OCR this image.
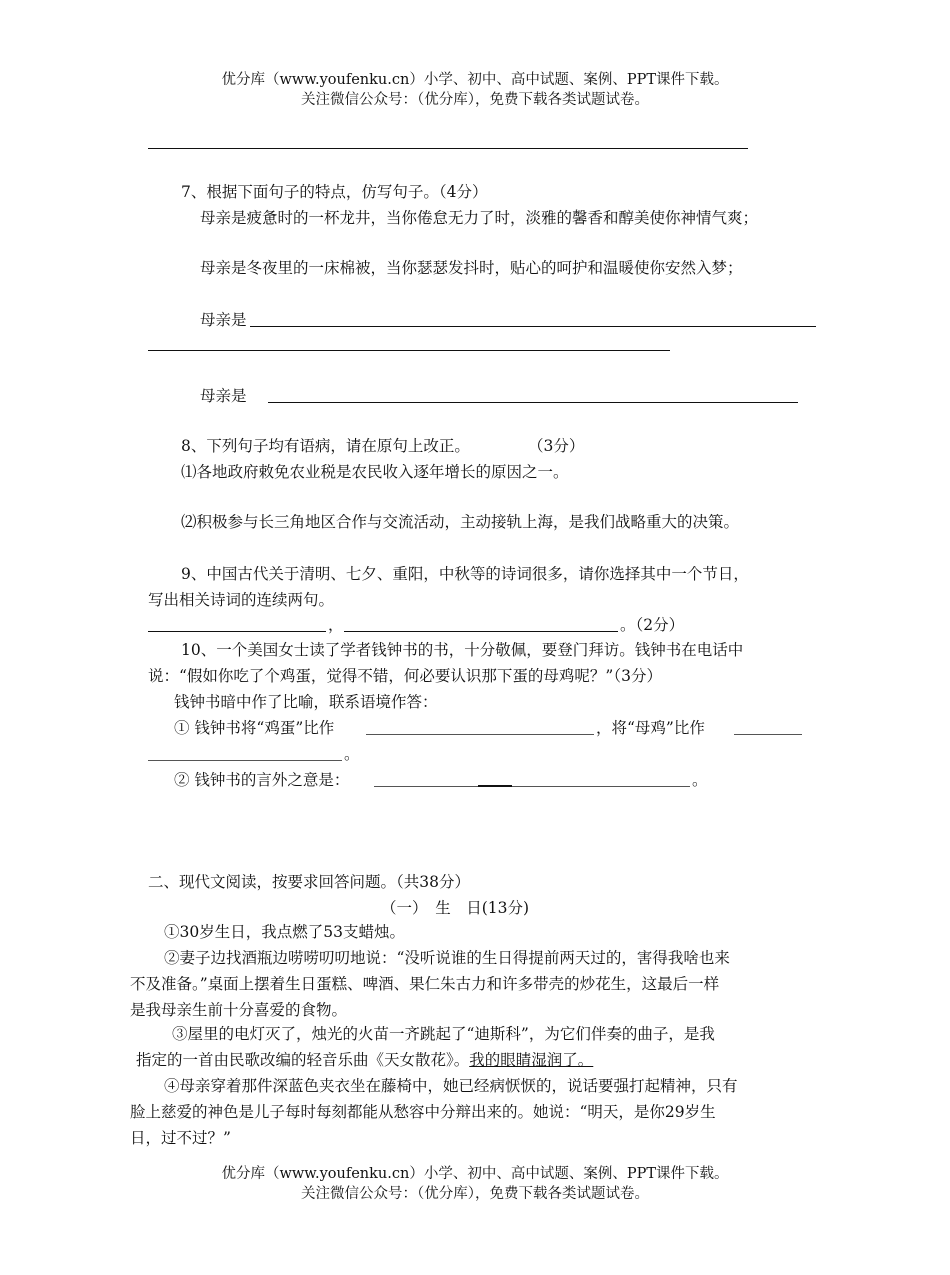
优分库（www.youfenku.cn）小学、初中、高中试题、案例、PPT课件下载。
关注微信公众号：（优分库），免费下载各类试题试卷。
7、根据下面句子的特点，仿写句子。（4分）
母亲是疲惫时的一杯龙井，当你倦怠无力了时，淡雅的馨香和醇美使你神情气爽；
母亲是冬夜里的一床棉被，当你瑟瑟发抖时，贴心的呵护和温暖使你安然入梦；
母亲是
母亲是
8、下列句子均有语病，请在原句上改正。	（3分）
⑴各地政府敕免农业税是农民收入逐年增长的原因之一。
⑵积极参与长三角地区合作与交流活动，主动接轨上海，是我们战略重大的决策。
9、中国古代关于清明、七夕、重阳，中秋等的诗词很多，请你选择其中一个节日，
写出相关诗词的连续两句。
，	。（2分）
10、一个美国女士读了学者钱钟书的书，十分敬佩，要登门拜访。钱钟书在电话中
说：“假如你吃了个鸡蛋，觉得不错，何必要认识那下蛋的母鸡呢？”（3分）
钱钟书暗中作了比喻，联系语境作答：
① 钱钟书将“鸡蛋”比作	，将“母鸡”比作
。
② 钱钟书的言外之意是：	。
二、现代文阅读，按要求回答问题。（共38分）
（一）　生　日(13分)
①30岁生日，我点燃了53支蜡烛。
②妻子边找酒瓶边唠唠叨叨地说：“没听说谁的生日得提前两天过的，害得我啥也来
不及准备。”桌面上摆着生日蛋糕、啤酒、果仁朱古力和许多带壳的炒花生，这最后一样
是我母亲生前十分喜爱的食物。
③屋里的电灯灭了，烛光的火苗一齐跳起了“迪斯科”，为它们伴奏的曲子，是我
指定的一首由民歌改编的轻音乐曲《天女散花》。我的眼睛湿润了。
④母亲穿着那件深蓝色夹衣坐在藤椅中，她已经病恹恹的，说话要强打起精神，只有
脸上慈爱的神色是儿子每时每刻都能从愁容中分辩出来的。她说：“明天，是你29岁生
日，过不过？”
优分库（www.youfenku.cn）小学、初中、高中试题、案例、PPT课件下载。
关注微信公众号：（优分库），免费下载各类试题试卷。
